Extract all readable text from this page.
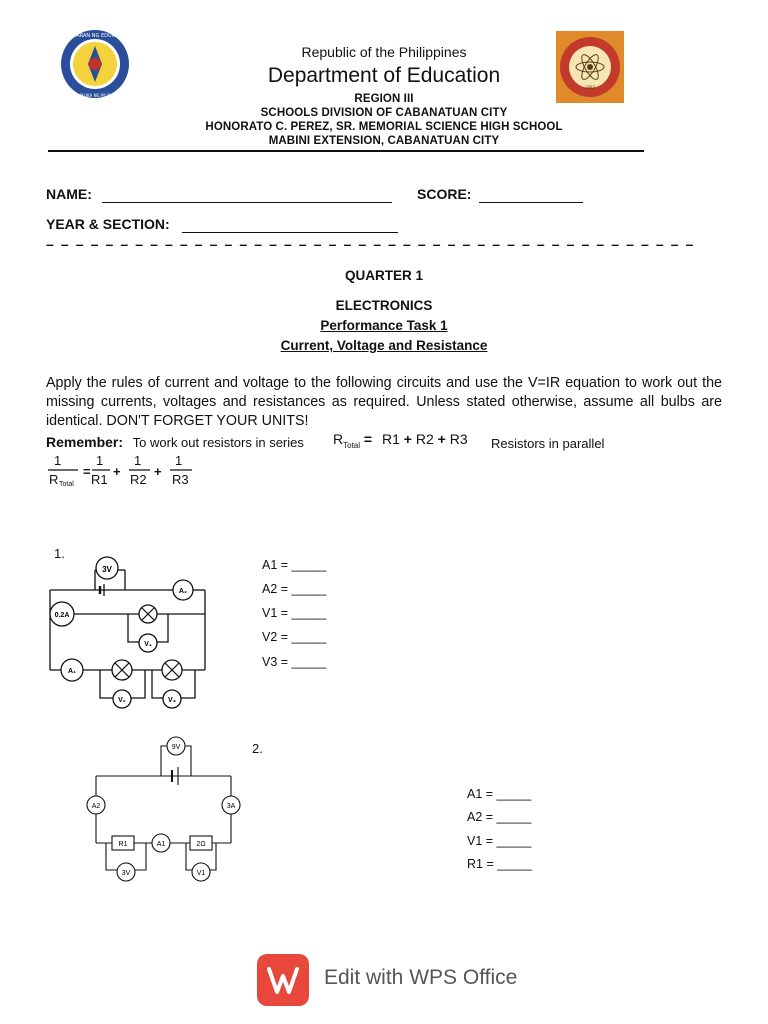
KAGAWARAN NG EDUKASYON
REPUBLIKA NG PILIPINAS
1983
Republic of the Philippines
Department of Education
REGION III
SCHOOLS DIVISION OF CABANATUAN CITY
HONORATO C. PEREZ, SR. MEMORIAL SCIENCE HIGH SCHOOL
MABINI EXTENSION, CABANATUAN CITY
NAME:	SCORE:
YEAR & SECTION:
– – – – – – – – – – – – – – – – – – – – – – – – – – – – – – – – – – – – – – – – – – – –
QUARTER 1
ELECTRONICS
Performance Task 1
Current, Voltage and Resistance
Apply the rules of current and voltage to the following circuits and use the V=IR equation to work out the missing currents, voltages and resistances as required. Unless stated otherwise, assume all bulbs are identical. DON'T FORGET YOUR UNITS!
Remember: To work out resistors in series $R_{Total} = R1 + R2 + R3$ Resistors in parallel
1
R Total
=
1
R1
+
1
R2
+
1
R3
1.
3V
A₂
0.2A
V₁
A₁
V₂	V₃
A1 = _____
A2 = _____
V1 = _____
V2 = _____
V3 = _____
2.
9V
A2	3A
R1	A1	2Ω
3V	V1
A1 = _____
A2 = _____
V1 = _____
R1 = _____
Edit with WPS Office
